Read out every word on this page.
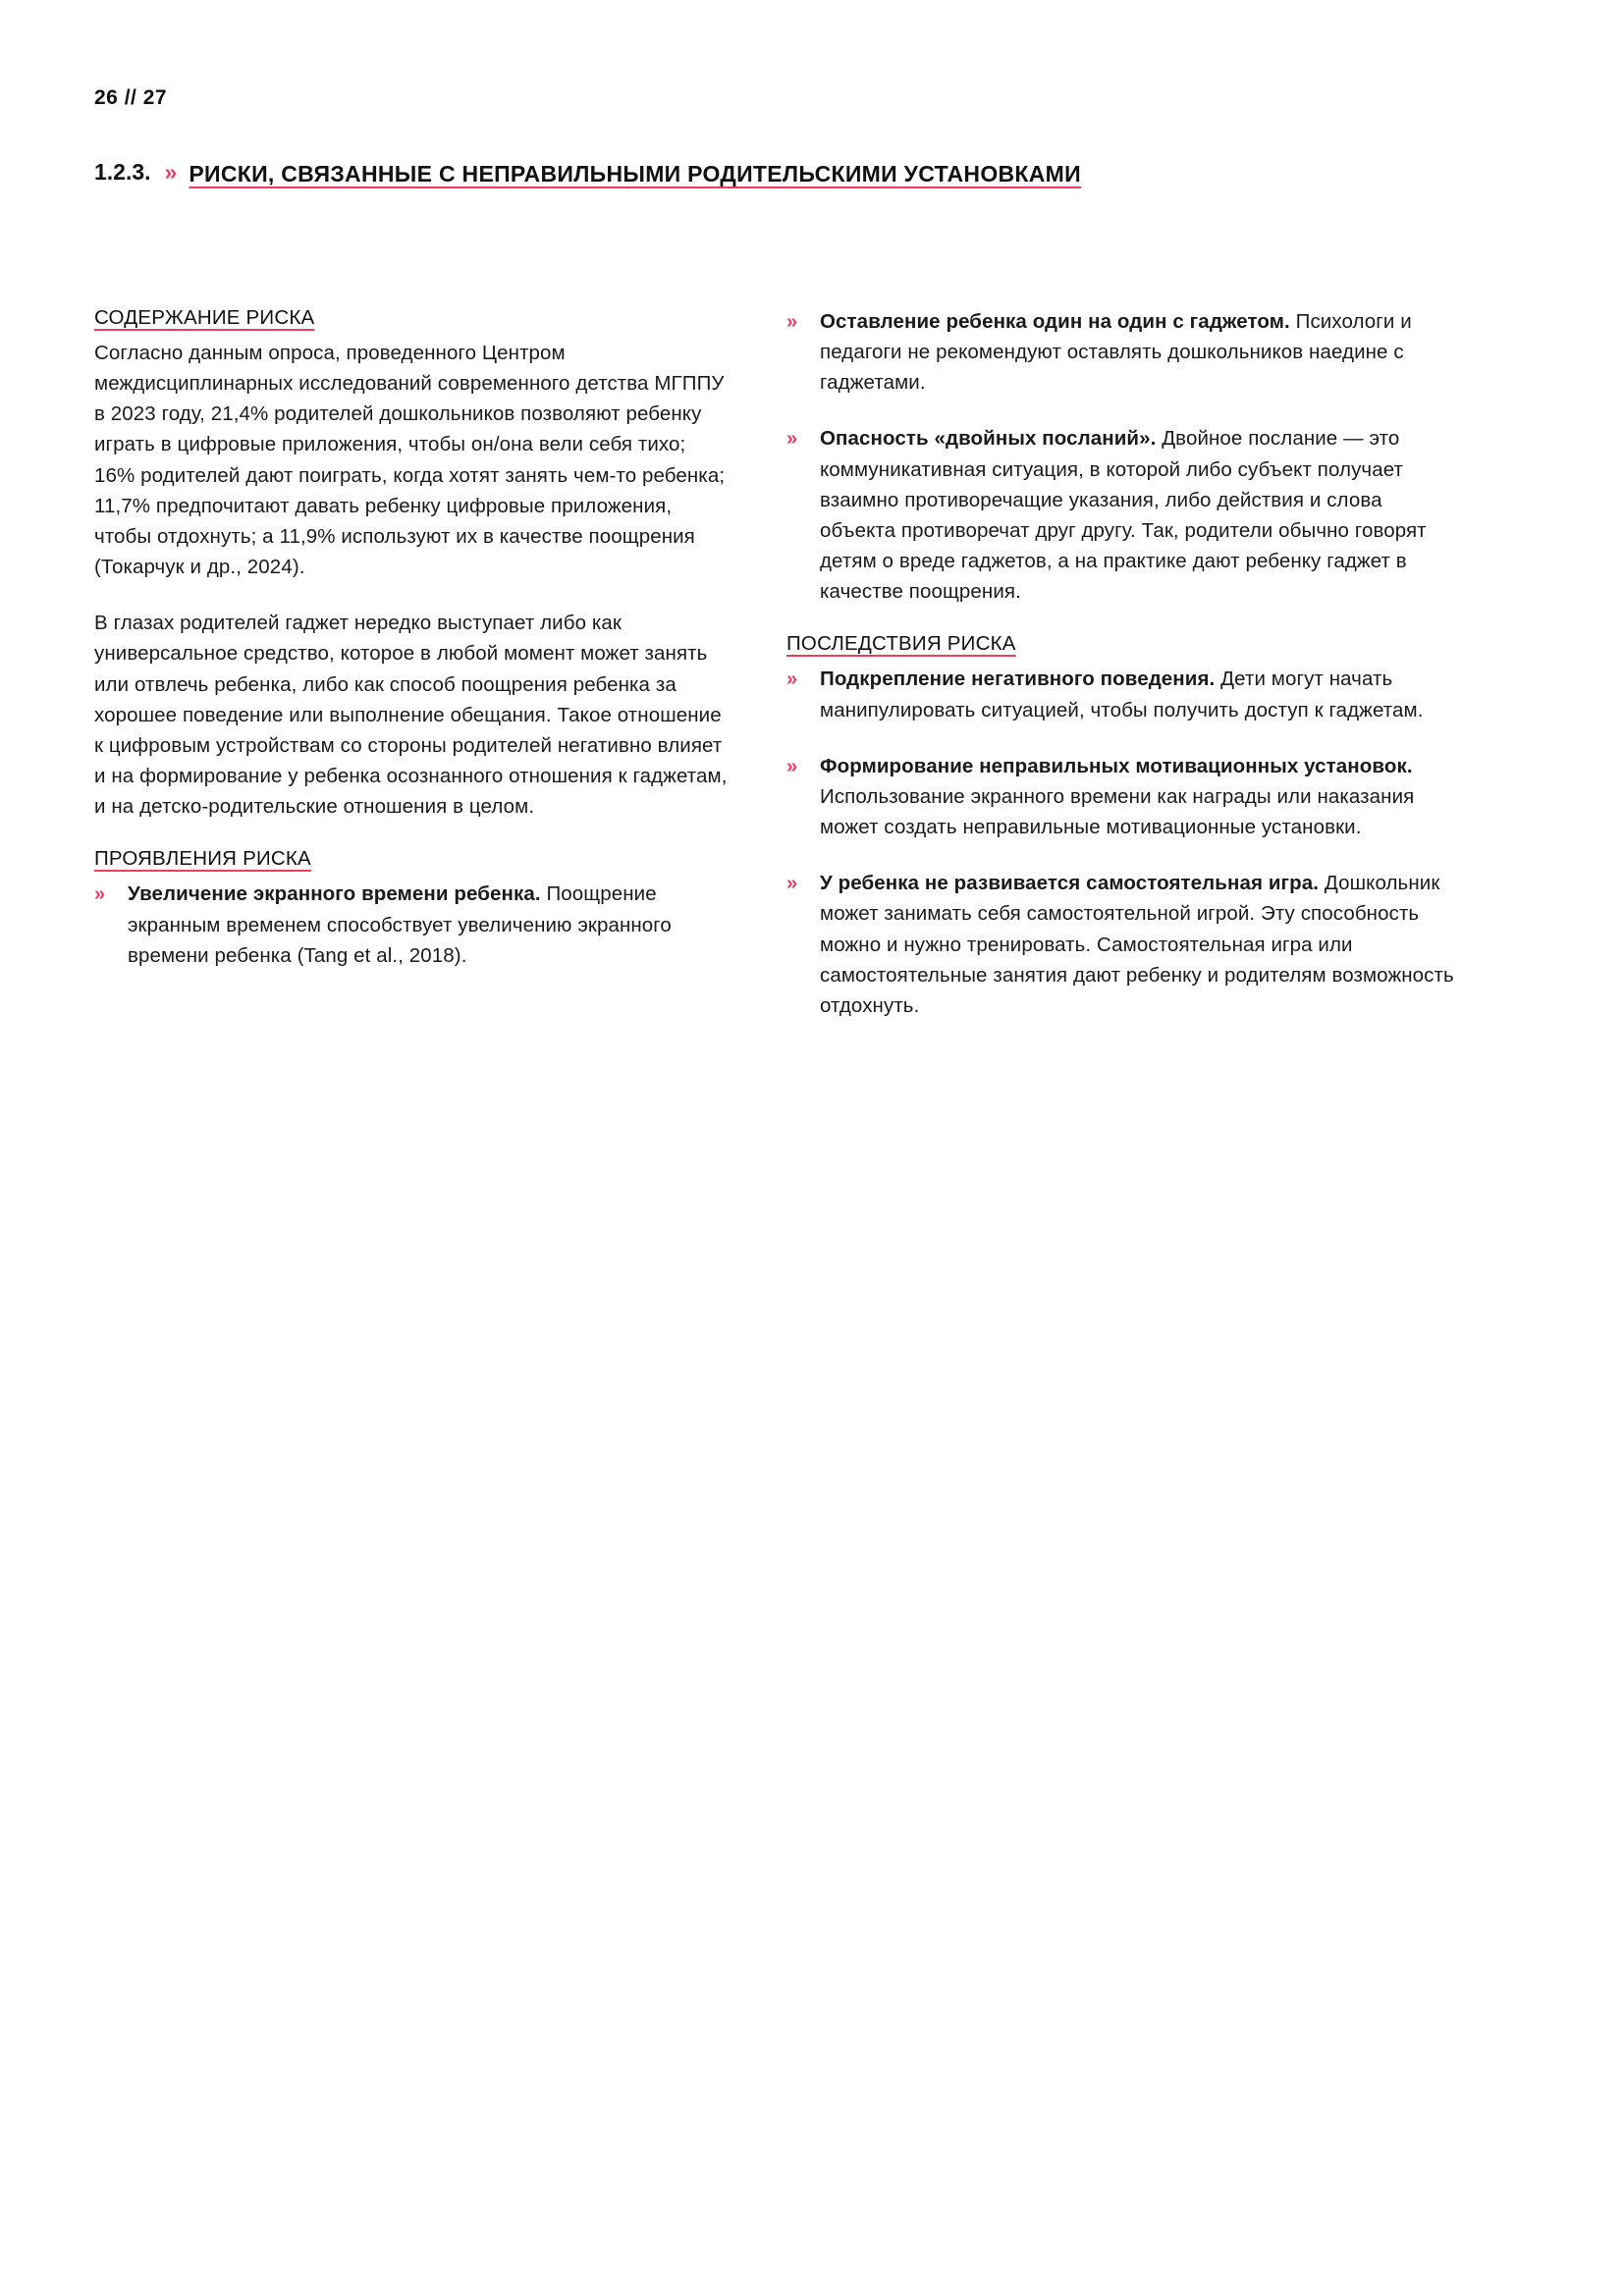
26 // 27
1.2.3. » РИСКИ, СВЯЗАННЫЕ С НЕПРАВИЛЬНЫМИ РОДИТЕЛЬСКИМИ УСТАНОВКАМИ
СОДЕРЖАНИЕ РИСКА

Согласно данным опроса, проведенного Центром междисциплинарных исследований современного детства МГППУ в 2023 году, 21,4% родителей дошкольников позволяют ребенку играть в цифровые приложения, чтобы он/она вели себя тихо; 16% родителей дают поиграть, когда хотят занять чем-то ребенка; 11,7% предпочитают давать ребенку цифровые приложения, чтобы отдохнуть; а 11,9% используют их в качестве поощрения (Токарчук и др., 2024).

В глазах родителей гаджет нередко выступает либо как универсальное средство, которое в любой момент может занять или отвлечь ребенка, либо как способ поощрения ребенка за хорошее поведение или выполнение обещания. Такое отношение к цифровым устройствам со стороны родителей негативно влияет и на формирование у ребенка осознанного отношения к гаджетам, и на детско-родительские отношения в целом.

ПРОЯВЛЕНИЯ РИСКА
»	Увеличение экранного времени ребенка. Поощрение экранным временем способствует увеличению экранного времени ребенка (Tang et al., 2018).
»	Оставление ребенка один на один с гаджетом. Психологи и педагоги не рекомендуют оставлять дошкольников наедине с гаджетами.
»	Опасность «двойных посланий». Двойное послание — это коммуникативная ситуация, в которой либо субъект получает взаимно противоречащие указания, либо действия и слова объекта противоречат друг другу. Так, родители обычно говорят детям о вреде гаджетов, а на практике дают ребенку гаджет в качестве поощрения.
ПОСЛЕДСТВИЯ РИСКА
»	Подкрепление негативного поведения. Дети могут начать манипулировать ситуацией, чтобы получить доступ к гаджетам.
»	Формирование неправильных мотивационных установок. Использование экранного времени как награды или наказания может создать неправильные мотивационные установки.
»	У ребенка не развивается самостоятельная игра. Дошкольник может занимать себя самостоятельной игрой. Эту способность можно и нужно тренировать. Самостоятельная игра или самостоятельные занятия дают ребенку и родителям возможность отдохнуть.
